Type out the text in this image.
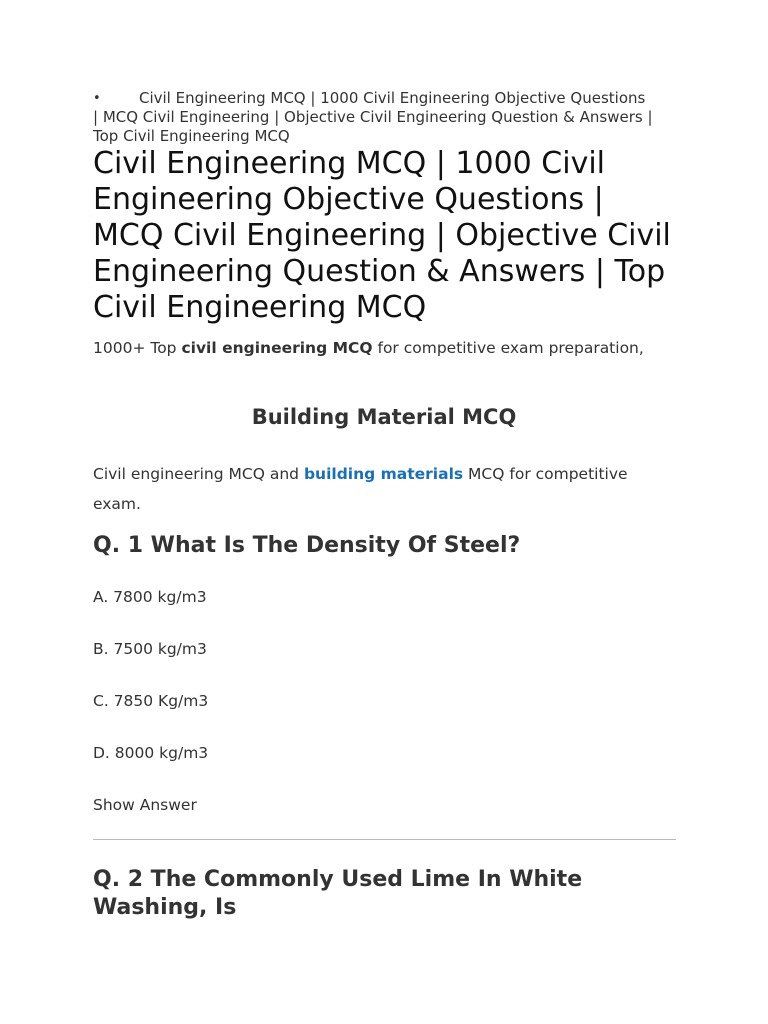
•	Civil Engineering MCQ | 1000 Civil Engineering Objective Questions | MCQ Civil Engineering | Objective Civil Engineering Question & Answers | Top Civil Engineering MCQ
Civil Engineering MCQ | 1000 Civil Engineering Objective Questions | MCQ Civil Engineering | Objective Civil Engineering Question & Answers | Top Civil Engineering MCQ
1000+ Top civil engineering MCQ for competitive exam preparation,
Building Material MCQ
Civil engineering MCQ and building materials MCQ for competitive exam.
Q. 1 What Is The Density Of Steel?
A. 7800 kg/m3
B. 7500 kg/m3
C. 7850 Kg/m3
D. 8000 kg/m3
Show Answer
Q. 2 The Commonly Used Lime In White Washing, Is
